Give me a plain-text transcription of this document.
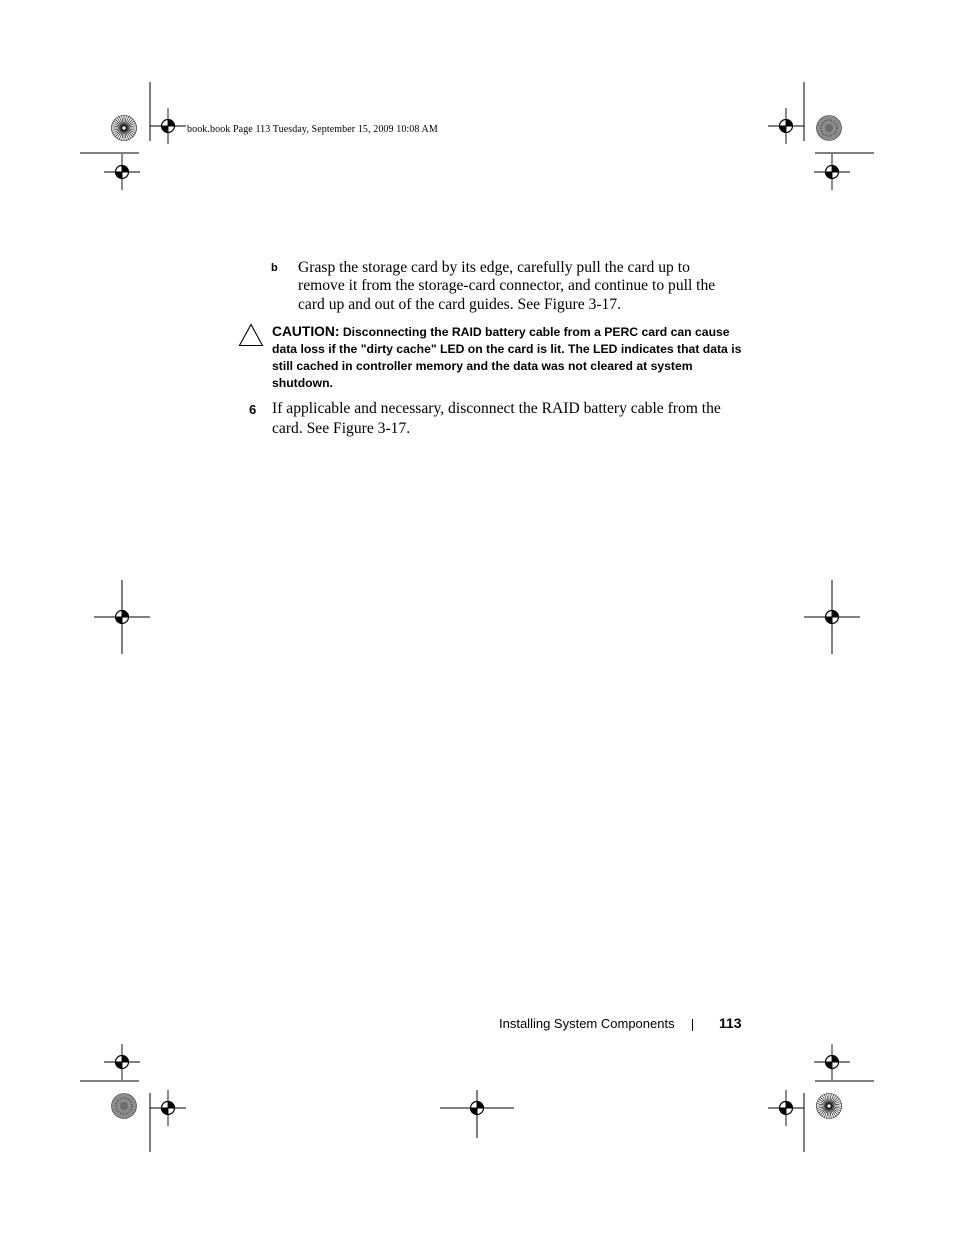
book.book Page 113 Tuesday, September 15, 2009 10:08 AM
b Grasp the storage card by its edge, carefully pull the card up to remove it from the storage-card connector, and continue to pull the card up and out of the card guides. See Figure 3-17.
CAUTION: Disconnecting the RAID battery cable from a PERC card can cause data loss if the "dirty cache" LED on the card is lit. The LED indicates that data is still cached in controller memory and the data was not cleared at system shutdown.
6 If applicable and necessary, disconnect the RAID battery cable from the card. See Figure 3-17.
Installing System Components	113
